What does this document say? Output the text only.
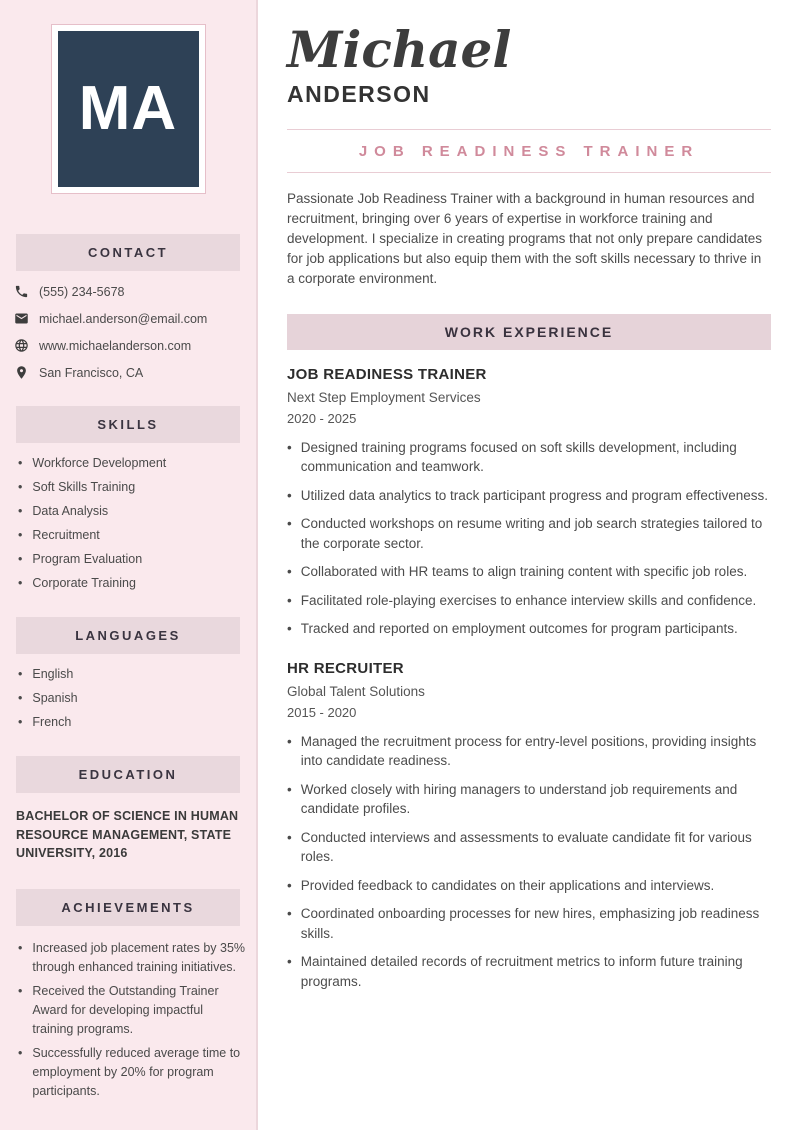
MA
CONTACT
(555) 234-5678
michael.anderson@email.com
www.michaelanderson.com
San Francisco, CA
SKILLS
• Workforce Development
• Soft Skills Training
• Data Analysis
• Recruitment
• Program Evaluation
• Corporate Training
LANGUAGES
• English
• Spanish
• French
EDUCATION

BACHELOR OF SCIENCE IN HUMAN RESOURCE MANAGEMENT, STATE UNIVERSITY, 2016

ACHIEVEMENTS
• Increased job placement rates by 35% through enhanced training initiatives.
• Received the Outstanding Trainer Award for developing impactful training programs.
• Successfully reduced average time to employment by 20% for program participants.
Michael
ANDERSON
JOB READINESS TRAINER

Passionate Job Readiness Trainer with a background in human resources and recruitment, bringing over 6 years of expertise in workforce training and development. I specialize in creating programs that not only prepare candidates for job applications but also equip them with the soft skills necessary to thrive in a corporate environment.

WORK EXPERIENCE
JOB READINESS TRAINER
Next Step Employment Services
2020 - 2025
• Designed training programs focused on soft skills development, including communication and teamwork.
• Utilized data analytics to track participant progress and program effectiveness.
• Conducted workshops on resume writing and job search strategies tailored to the corporate sector.
• Collaborated with HR teams to align training content with specific job roles.
• Facilitated role-playing exercises to enhance interview skills and confidence.
• Tracked and reported on employment outcomes for program participants.
HR RECRUITER
Global Talent Solutions
2015 - 2020
• Managed the recruitment process for entry-level positions, providing insights into candidate readiness.
• Worked closely with hiring managers to understand job requirements and candidate profiles.
• Conducted interviews and assessments to evaluate candidate fit for various roles.
• Provided feedback to candidates on their applications and interviews.
• Coordinated onboarding processes for new hires, emphasizing job readiness skills.
• Maintained detailed records of recruitment metrics to inform future training programs.
